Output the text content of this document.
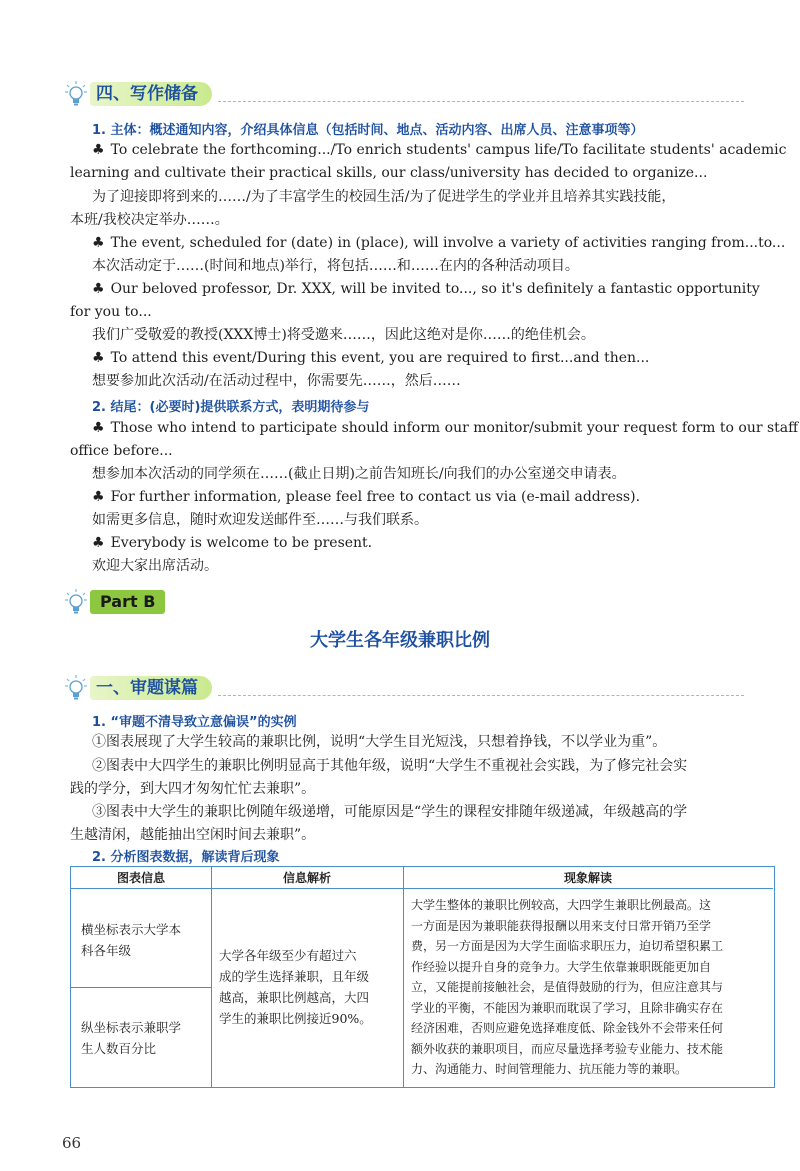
四、写作储备
1. 主体：概述通知内容，介绍具体信息（包括时间、地点、活动内容、出席人员、注意事项等）
♣ To celebrate the forthcoming.../To enrich students' campus life/To facilitate students' academic
learning and cultivate their practical skills, our class/university has decided to organize...
为了迎接即将到来的……/为了丰富学生的校园生活/为了促进学生的学业并且培养其实践技能，
本班/我校决定举办……。
♣ The event, scheduled for (date) in (place), will involve a variety of activities ranging from...to...
本次活动定于……(时间和地点)举行，将包括……和……在内的各种活动项目。
♣ Our beloved professor, Dr. XXX, will be invited to..., so it's definitely a fantastic opportunity
for you to...
我们广受敬爱的教授(XXX博士)将受邀来……，因此这绝对是你……的绝佳机会。
♣ To attend this event/During this event, you are required to first...and then...
想要参加此次活动/在活动过程中，你需要先……，然后……
2. 结尾：(必要时)提供联系方式，表明期待参与
♣ Those who intend to participate should inform our monitor/submit your request form to our staff
office before...
想参加本次活动的同学须在……(截止日期)之前告知班长/向我们的办公室递交申请表。
♣ For further information, please feel free to contact us via (e-mail address).
如需更多信息，随时欢迎发送邮件至……与我们联系。
♣ Everybody is welcome to be present.
欢迎大家出席活动。
Part B
大学生各年级兼职比例
一、审题谋篇
1. “审题不清导致立意偏误”的实例
①图表展现了大学生较高的兼职比例，说明“大学生目光短浅，只想着挣钱，不以学业为重”。
②图表中大四学生的兼职比例明显高于其他年级，说明“大学生不重视社会实践，为了修完社会实
践的学分，到大四才匆匆忙忙去兼职”。
③图表中大学生的兼职比例随年级递增，可能原因是“学生的课程安排随年级递减，年级越高的学
生越清闲，越能抽出空闲时间去兼职”。
2. 分析图表数据，解读背后现象
图表信息	信息解析	现象解读
横坐标表示大学本
科各年级
纵坐标表示兼职学
生人数百分比
大学各年级至少有超过六
成的学生选择兼职，且年级
越高，兼职比例越高，大四
学生的兼职比例接近90%。
大学生整体的兼职比例较高，大四学生兼职比例最高。这
一方面是因为兼职能获得报酬以用来支付日常开销乃至学
费，另一方面是因为大学生面临求职压力，迫切希望积累工
作经验以提升自身的竞争力。大学生依靠兼职既能更加自
立，又能提前接触社会，是值得鼓励的行为，但应注意其与
学业的平衡，不能因为兼职而耽误了学习，且除非确实存在
经济困难，否则应避免选择难度低、除金钱外不会带来任何
额外收获的兼职项目，而应尽量选择考验专业能力、技术能
力、沟通能力、时间管理能力、抗压能力等的兼职。
66
